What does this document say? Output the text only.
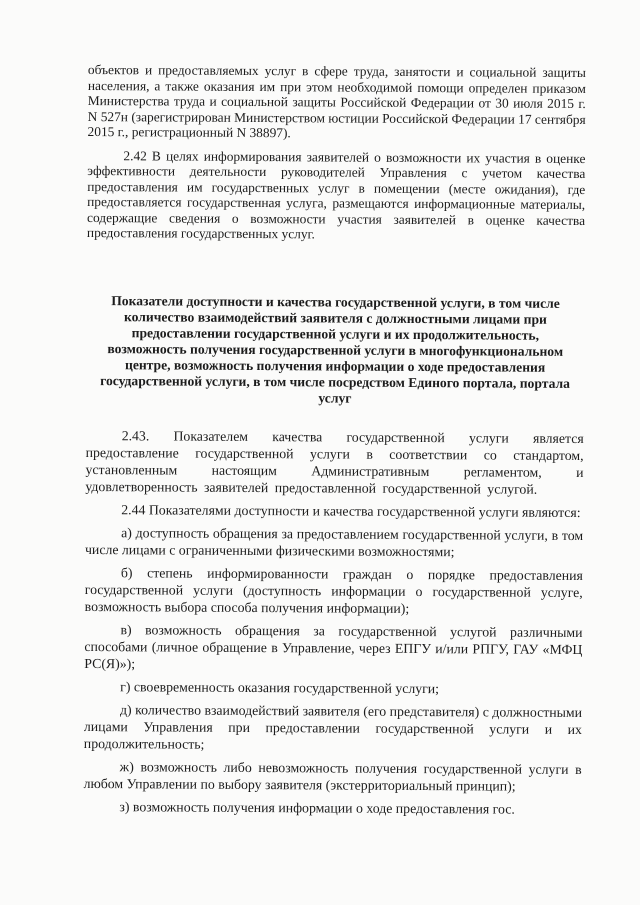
объектов и предоставляемых услуг в сфере труда, занятости и социальной защиты населения, а также оказания им при этом необходимой помощи определен приказом Министерства труда и социальной защиты Российской Федерации от 30 июля 2015 г. N 527н (зарегистрирован Министерством юстиции Российской Федерации 17 сентября 2015 г., регистрационный N 38897).

2.42 В целях информирования заявителей о возможности их участия в оценке эффективности деятельности руководителей Управления с учетом качества предоставления им государственных услуг в помещении (месте ожидания), где предоставляется государственная услуга, размещаются информационные материалы, содержащие сведения о возможности участия заявителей в оценке качества предоставления государственных услуг.

Показатели доступности и качества государственной услуги, в том числе количество взаимодействий заявителя с должностными лицами при предоставлении государственной услуги и их продолжительность, возможность получения государственной услуги в многофункциональном центре, возможность получения информации о ходе предоставления государственной услуги, в том числе посредством Единого портала, портала услуг

2.43. Показателем качества государственной услуги является предоставление государственной услуги в соответствии со стандартом, установленным настоящим Административным регламентом, и удовлетворенность заявителей предоставленной государственной услугой.

2.44 Показателями доступности и качества государственной услуги являются:

а) доступность обращения за предоставлением государственной услуги, в том числе лицами с ограниченными физическими возможностями;

б) степень информированности граждан о порядке предоставления государственной услуги (доступность информации о государственной услуге, возможность выбора способа получения информации);

в) возможность обращения за государственной услугой различными способами (личное обращение в Управление, через ЕПГУ и/или РПГУ, ГАУ «МФЦ РС(Я)»);

г) своевременность оказания государственной услуги;

д) количество взаимодействий заявителя (его представителя) с должностными лицами Управления при предоставлении государственной услуги и их продолжительность;

ж) возможность либо невозможность получения государственной услуги в любом Управлении по выбору заявителя (экстерриториальный принцип);

з) возможность получения информации о ходе предоставления гос.
